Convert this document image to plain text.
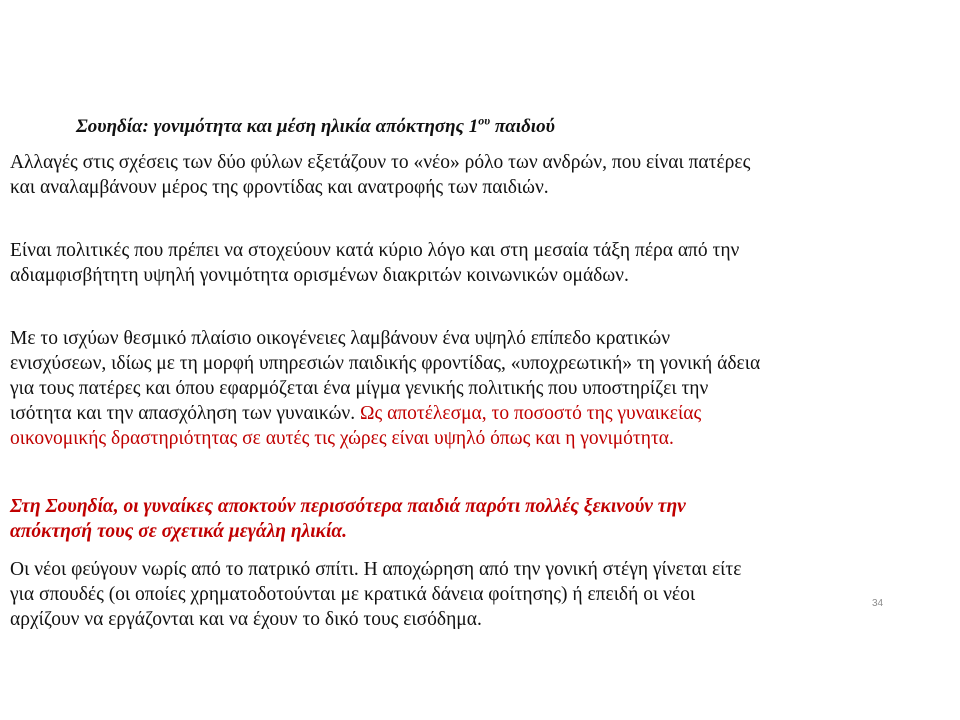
Σουηδία: γονιμότητα και μέση ηλικία απόκτησης $1^{o\upsilon}$ παιδιού
Αλλαγές στις σχέσεις των δύο φύλων εξετάζουν το «νέο» ρόλο των ανδρών, που είναι πατέρες
και αναλαμβάνουν μέρος της φροντίδας και ανατροφής των παιδιών.
Είναι πολιτικές που πρέπει να στοχεύουν κατά κύριο λόγο και στη μεσαία τάξη πέρα από την
αδιαμφισβήτητη υψηλή γονιμότητα ορισμένων διακριτών κοινωνικών ομάδων.
Με το ισχύων θεσμικό πλαίσιο οικογένειες λαμβάνουν ένα υψηλό επίπεδο κρατικών
ενισχύσεων, ιδίως με τη μορφή υπηρεσιών παιδικής φροντίδας, «υποχρεωτική» τη γονική άδεια
για τους πατέρες και όπου εφαρμόζεται ένα μίγμα γενικής πολιτικής που υποστηρίζει την
ισότητα και την απασχόληση των γυναικών. Ως αποτέλεσμα, το ποσοστό της γυναικείας
οικονομικής δραστηριότητας σε αυτές τις χώρες είναι υψηλό όπως και η γονιμότητα.
Στη Σουηδία, οι γυναίκες αποκτούν περισσότερα παιδιά παρότι πολλές ξεκινούν την
απόκτησή τους σε σχετικά μεγάλη ηλικία.
Οι νέοι φεύγουν νωρίς από το πατρικό σπίτι. Η αποχώρηση από την γονική στέγη γίνεται είτε
για σπουδές (οι οποίες χρηματοδοτούνται με κρατικά δάνεια φοίτησης) ή επειδή οι νέοι
αρχίζουν να εργάζονται και να έχουν το δικό τους εισόδημα.
34
